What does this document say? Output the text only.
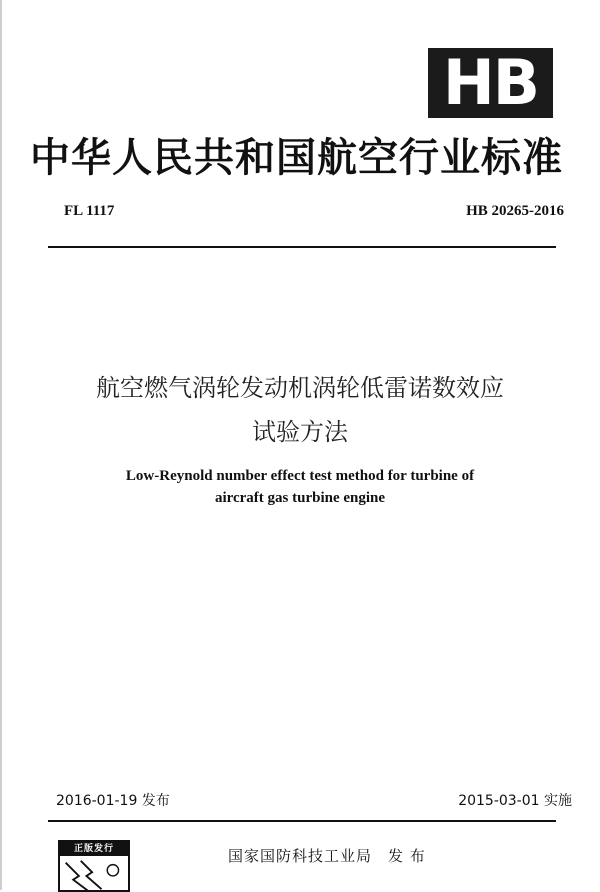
HB
中华人民共和国航空行业标准
FL 1117	HB 20265-2016
航空燃气涡轮发动机涡轮低雷诺数效应
试验方法
Low-Reynold number effect test method for turbine of
aircraft gas turbine engine
2016-01-19 发布	2015-03-01 实施
正版发行	国家国防科技工业局　发 布
